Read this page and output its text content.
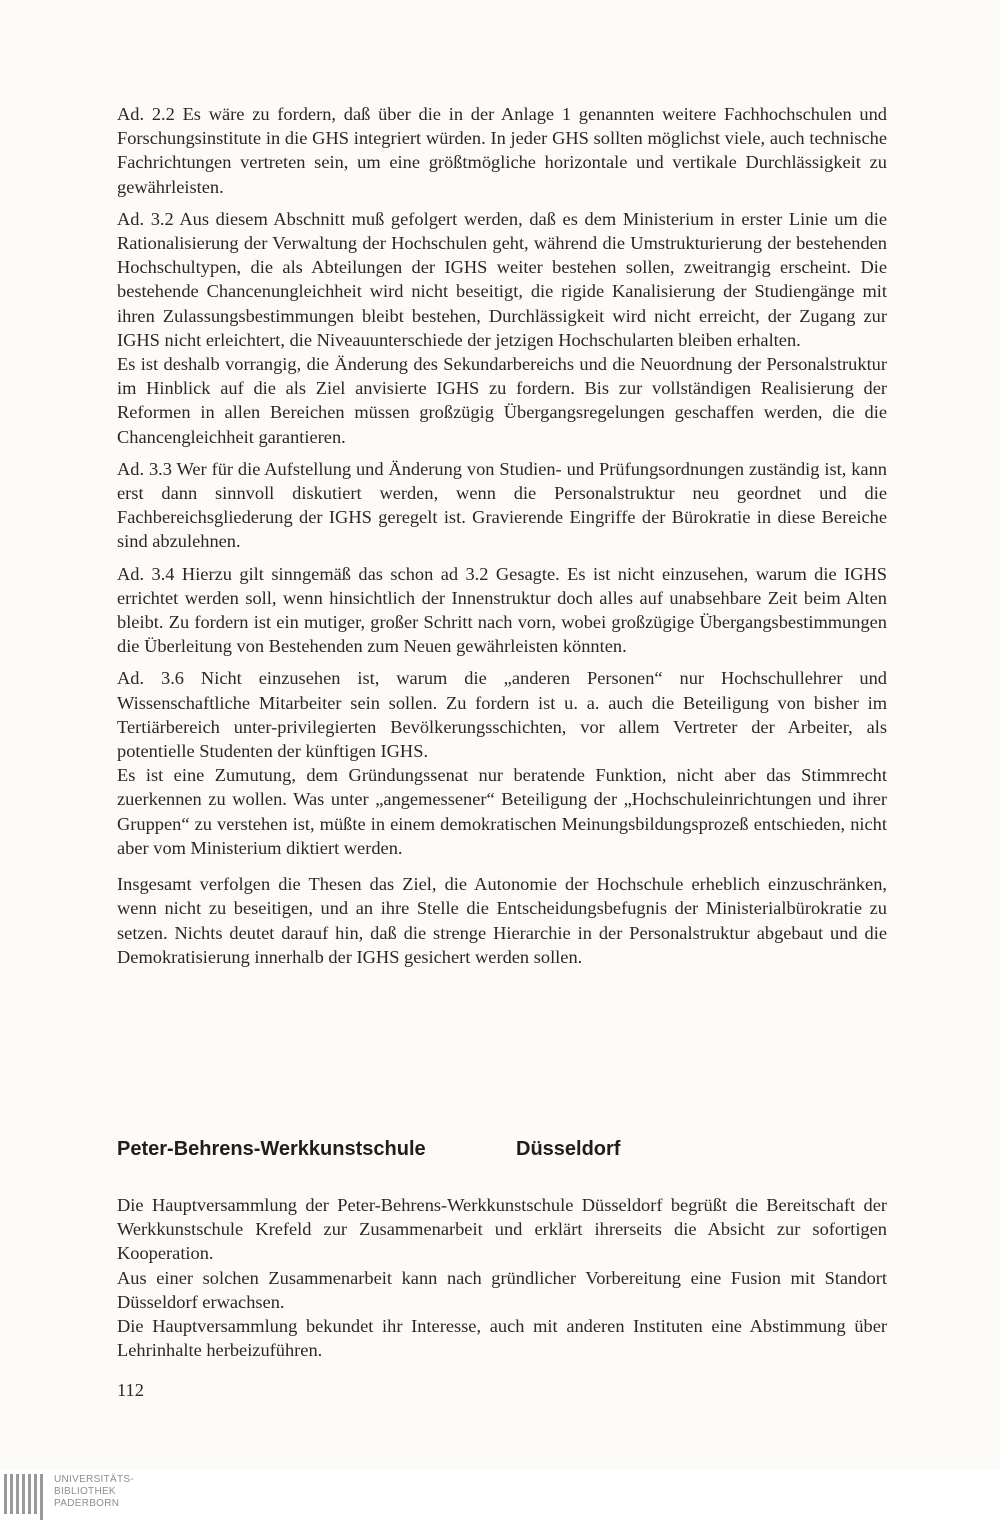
Ad. 2.2 Es wäre zu fordern, daß über die in der Anlage 1 genannten weitere Fachhochschulen und Forschungsinstitute in die GHS integriert würden. In jeder GHS sollten möglichst viele, auch technische Fachrichtungen vertreten sein, um eine größtmögliche horizontale und vertikale Durchlässigkeit zu gewährleisten.

Ad. 3.2 Aus diesem Abschnitt muß gefolgert werden, daß es dem Ministerium in erster Linie um die Rationalisierung der Verwaltung der Hochschulen geht, während die Umstrukturierung der bestehenden Hochschultypen, die als Abteilungen der IGHS weiter bestehen sollen, zweitrangig erscheint. Die bestehende Chancenungleichheit wird nicht beseitigt, die rigide Kanalisierung der Studiengänge mit ihren Zulassungsbestimmungen bleibt bestehen, Durchlässigkeit wird nicht erreicht, der Zugang zur IGHS nicht erleichtert, die Niveauunterschiede der jetzigen Hochschularten bleiben erhalten.

Es ist deshalb vorrangig, die Änderung des Sekundarbereichs und die Neuordnung der Personalstruktur im Hinblick auf die als Ziel anvisierte IGHS zu fordern. Bis zur vollständigen Realisierung der Reformen in allen Bereichen müssen großzügig Übergangsregelungen geschaffen werden, die die Chancengleichheit garantieren.

Ad. 3.3 Wer für die Aufstellung und Änderung von Studien- und Prüfungsordnungen zuständig ist, kann erst dann sinnvoll diskutiert werden, wenn die Personalstruktur neu geordnet und die Fachbereichsgliederung der IGHS geregelt ist. Gravierende Eingriffe der Bürokratie in diese Bereiche sind abzulehnen.

Ad. 3.4 Hierzu gilt sinngemäß das schon ad 3.2 Gesagte. Es ist nicht einzusehen, warum die IGHS errichtet werden soll, wenn hinsichtlich der Innenstruktur doch alles auf unabsehbare Zeit beim Alten bleibt. Zu fordern ist ein mutiger, großer Schritt nach vorn, wobei großzügige Übergangsbestimmungen die Überleitung von Bestehenden zum Neuen gewährleisten könnten.

Ad. 3.6 Nicht einzusehen ist, warum die „anderen Personen“ nur Hochschullehrer und Wissenschaftliche Mitarbeiter sein sollen. Zu fordern ist u. a. auch die Beteiligung von bisher im Tertiärbereich unter-privilegierten Bevölkerungsschichten, vor allem Vertreter der Arbeiter, als potentielle Studenten der künftigen IGHS.

Es ist eine Zumutung, dem Gründungssenat nur beratende Funktion, nicht aber das Stimmrecht zuerkennen zu wollen. Was unter „angemessener“ Beteiligung der „Hochschuleinrichtungen und ihrer Gruppen“ zu verstehen ist, müßte in einem demokratischen Meinungsbildungsprozeß entschieden, nicht aber vom Ministerium diktiert werden.

Insgesamt verfolgen die Thesen das Ziel, die Autonomie der Hochschule erheblich einzuschränken, wenn nicht zu beseitigen, und an ihre Stelle die Entscheidungsbefugnis der Ministerialbürokratie zu setzen. Nichts deutet darauf hin, daß die strenge Hierarchie in der Personalstruktur abgebaut und die Demokratisierung innerhalb der IGHS gesichert werden sollen.

Peter-Behrens-Werkkunstschule	Düsseldorf

Die Hauptversammlung der Peter-Behrens-Werkkunstschule Düsseldorf begrüßt die Bereitschaft der Werkkunstschule Krefeld zur Zusammenarbeit und erklärt ihrerseits die Absicht zur sofortigen Kooperation.

Aus einer solchen Zusammenarbeit kann nach gründlicher Vorbereitung eine Fusion mit Standort Düsseldorf erwachsen.

Die Hauptversammlung bekundet ihr Interesse, auch mit anderen Instituten eine Abstimmung über Lehrinhalte herbeizuführen.

112
UNIVERSITÄTS-
BIBLIOTHEK
PADERBORN
